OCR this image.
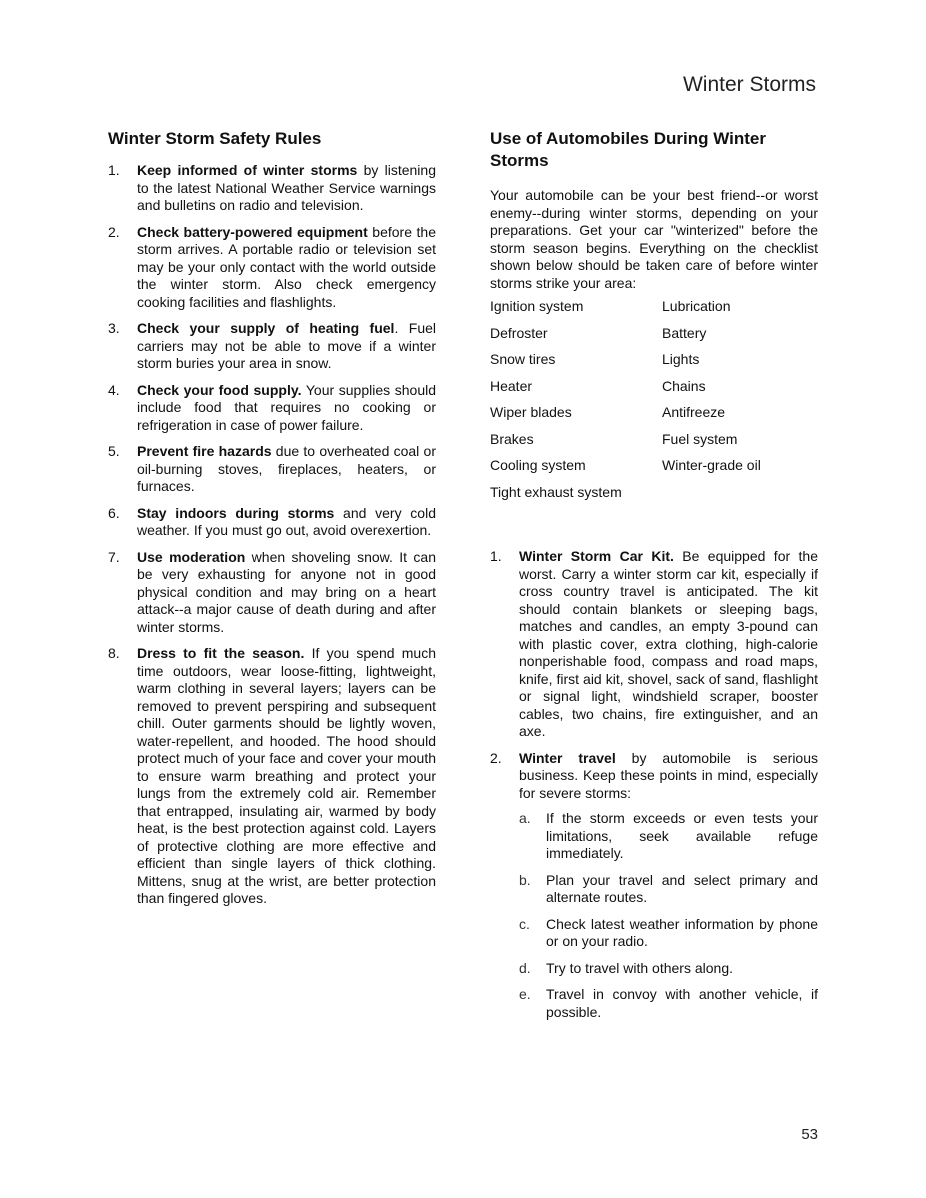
Winter Storms
Winter Storm Safety Rules
1. Keep informed of winter storms by listening to the latest National Weather Service warnings and bulletins on radio and television.

2. Check battery-powered equipment before the storm arrives. A portable radio or television set may be your only contact with the world outside the winter storm. Also check emergency cooking facilities and flashlights.

3. Check your supply of heating fuel. Fuel carriers may not be able to move if a winter storm buries your area in snow.

4. Check your food supply. Your supplies should include food that requires no cooking or refrigeration in case of power failure.

5. Prevent fire hazards due to overheated coal or oil-burning stoves, fireplaces, heaters, or furnaces.

6. Stay indoors during storms and very cold weather. If you must go out, avoid overexertion.

7. Use moderation when shoveling snow. It can be very exhausting for anyone not in good physical condition and may bring on a heart attack--a major cause of death during and after winter storms.

8. Dress to fit the season. If you spend much time outdoors, wear loose-fitting, lightweight, warm clothing in several layers; layers can be removed to prevent perspiring and subsequent chill. Outer garments should be lightly woven, water-repellent, and hooded. The hood should protect much of your face and cover your mouth to ensure warm breathing and protect your lungs from the extremely cold air. Remember that entrapped, insulating air, warmed by body heat, is the best protection against cold. Layers of protective clothing are more effective and efficient than single layers of thick clothing. Mittens, snug at the wrist, are better protection than fingered gloves.

Use of Automobiles During Winter
Storms

Your automobile can be your best friend--or worst enemy--during winter storms, depending on your preparations. Get your car "winterized" before the storm season begins. Everything on the checklist shown below should be taken care of before winter storms strike your area:

Ignition system
Defroster
Snow tires
Heater
Wiper blades
Brakes
Cooling system
Tight exhaust system
Lubrication
Battery
Lights
Chains
Antifreeze
Fuel system
Winter-grade oil
1. Winter Storm Car Kit. Be equipped for the worst. Carry a winter storm car kit, especially if cross country travel is anticipated. The kit should contain blankets or sleeping bags, matches and candles, an empty 3-pound can with plastic cover, extra clothing, high-calorie nonperishable food, compass and road maps, knife, first aid kit, shovel, sack of sand, flashlight or signal light, windshield scraper, booster cables, two chains, fire extinguisher, and an axe.

2. Winter travel by automobile is serious business. Keep these points in mind, especially for severe storms:

a. If the storm exceeds or even tests your limitations, seek available refuge immediately.

b. Plan your travel and select primary and alternate routes.

c. Check latest weather information by phone or on your radio.

d. Try to travel with others along.

e. Travel in convoy with another vehicle, if possible.

53
